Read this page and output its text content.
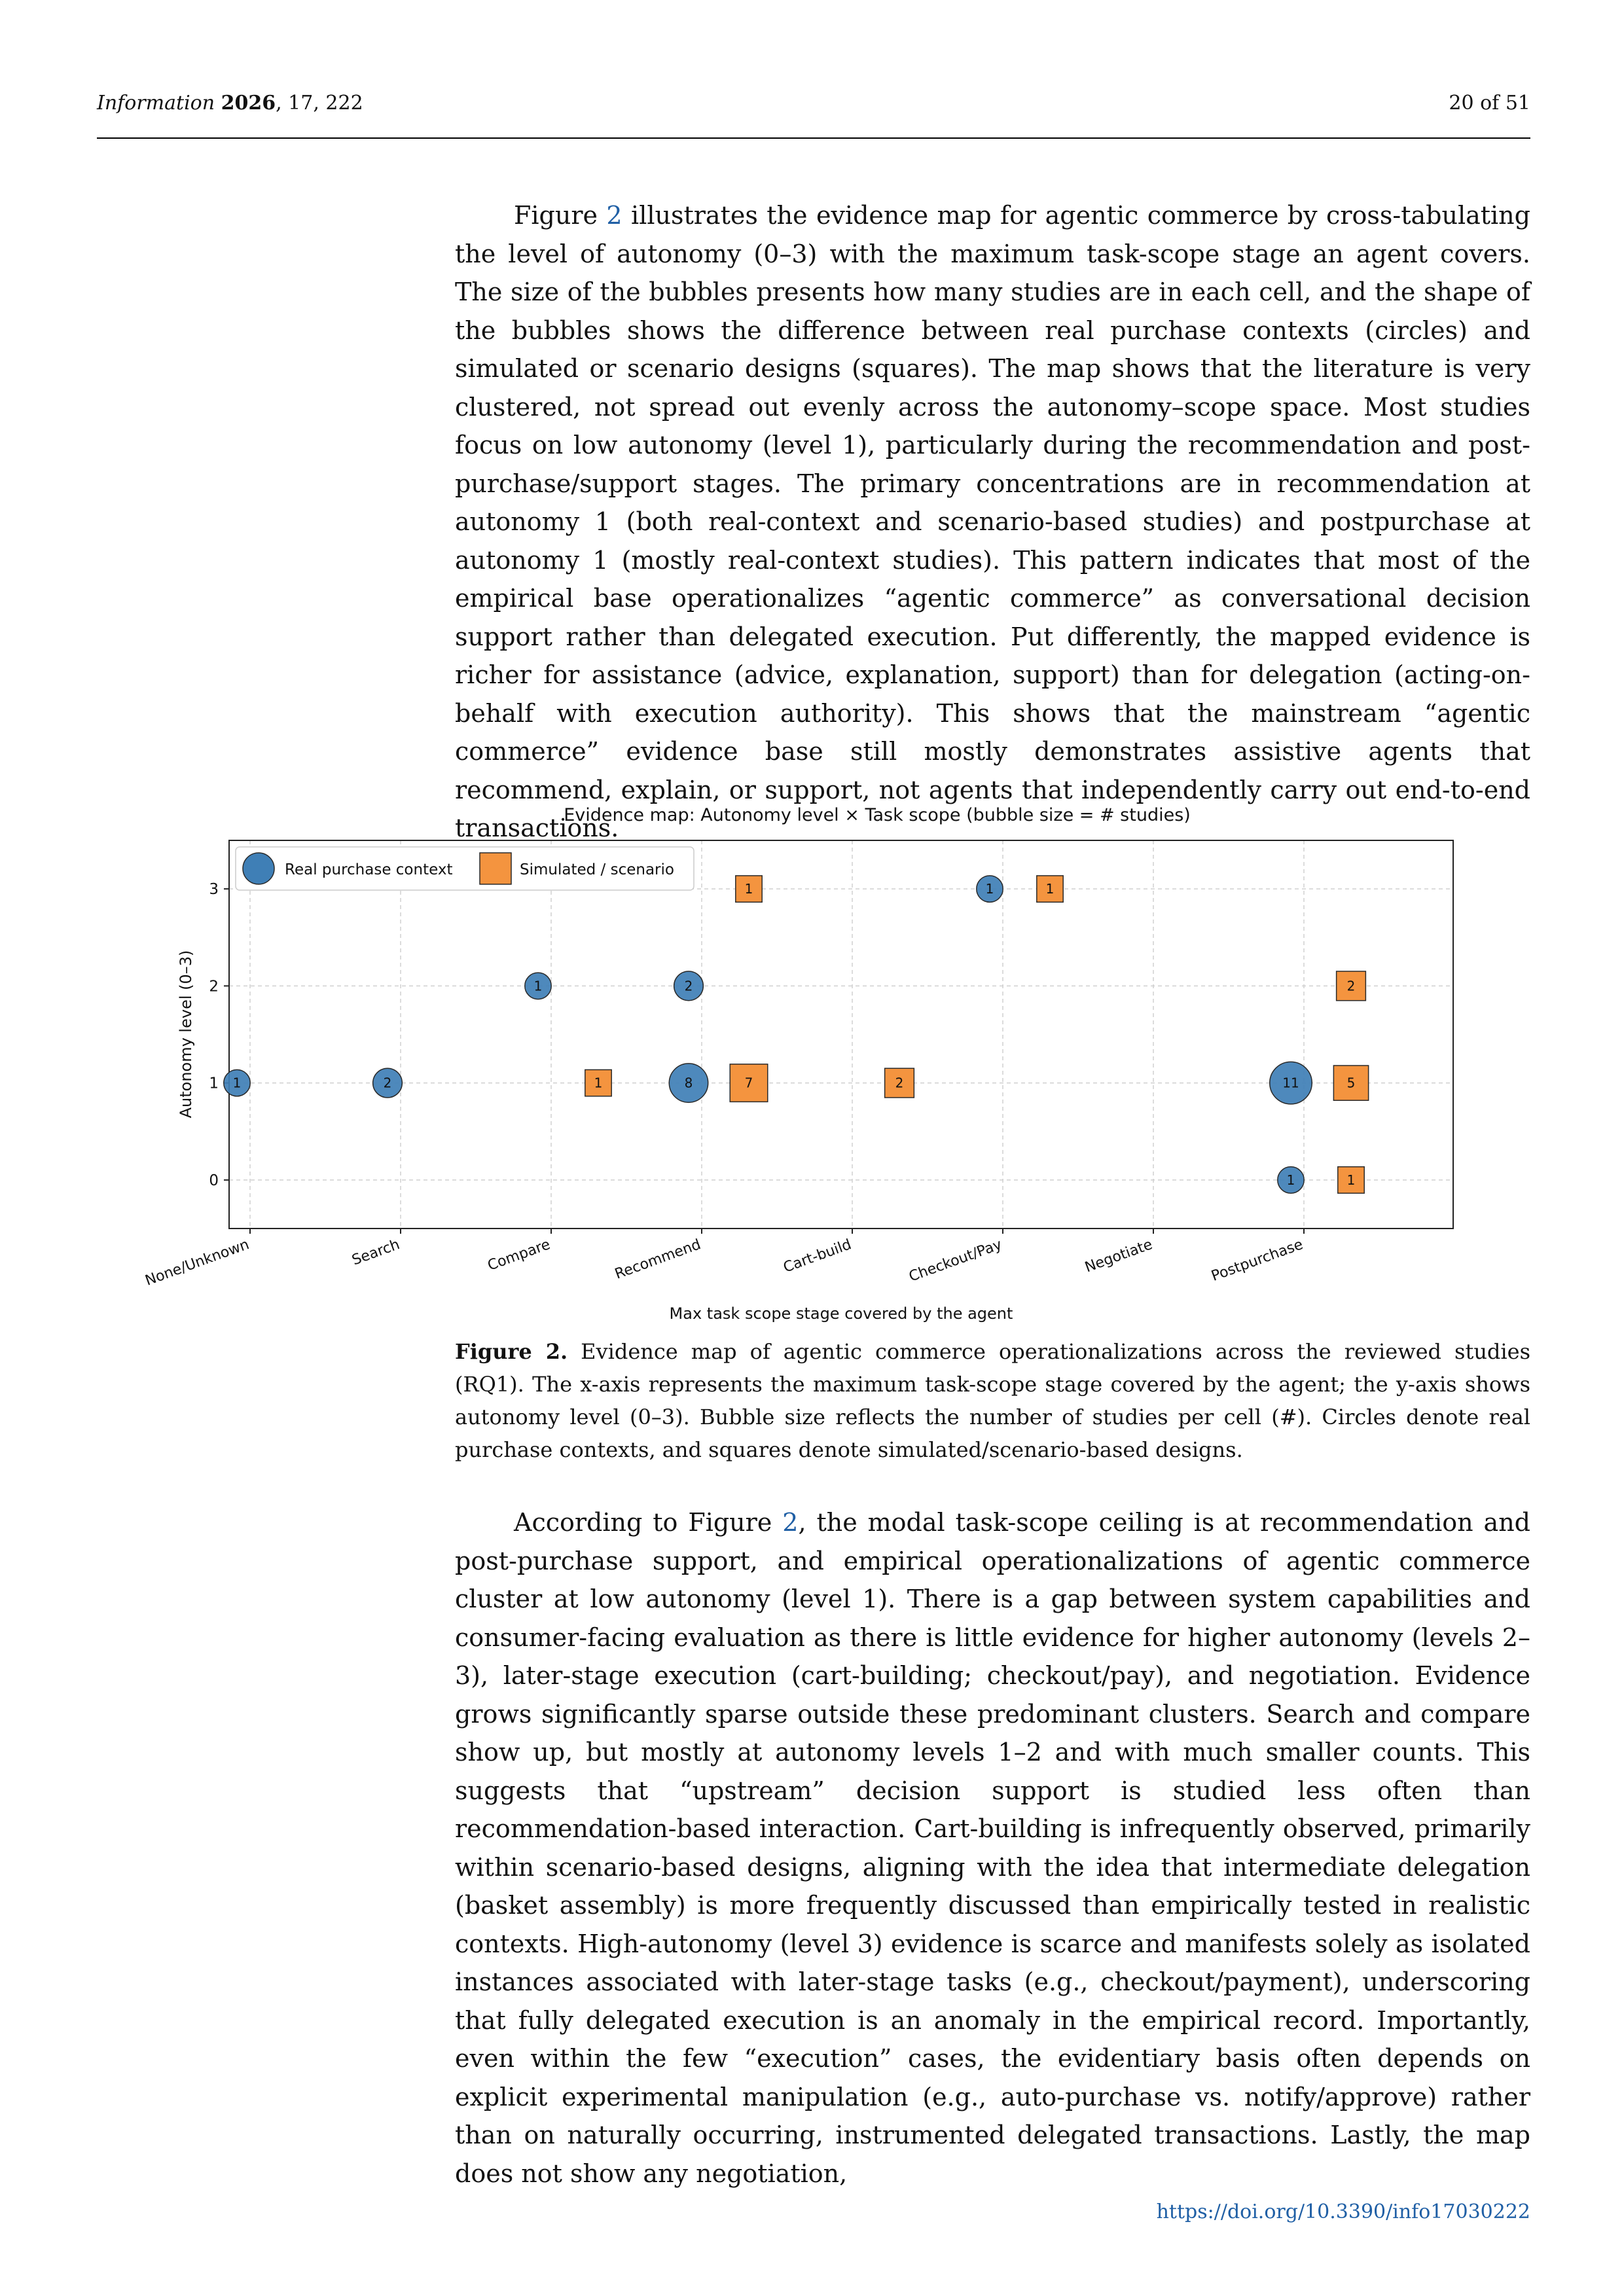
Information 2026, 17, 222	20 of 51

Figure 2 illustrates the evidence map for agentic commerce by cross-tabulating the level of autonomy (0–3) with the maximum task-scope stage an agent covers. The size of the bubbles presents how many studies are in each cell, and the shape of the bubbles shows the difference between real purchase contexts (circles) and simulated or scenario designs (squares). The map shows that the literature is very clustered, not spread out evenly across the autonomy–scope space. Most studies focus on low autonomy (level 1), particularly during the recommendation and post-purchase/support stages. The primary concentrations are in recommendation at autonomy 1 (both real-context and scenario-based studies) and postpurchase at autonomy 1 (mostly real-context studies). This pattern indicates that most of the empirical base operationalizes “agentic commerce” as conversational decision support rather than delegated execution. Put differently, the mapped evidence is richer for assistance (advice, explanation, support) than for delegation (acting-on-behalf with execution authority). This shows that the mainstream “agentic commerce” evidence base still mostly demonstrates assistive agents that recommend, explain, or support, not agents that independently carry out end-to-end transactions.

Evidence map: Autonomy level × Task scope (bubble size = # studies)
0
1
2
3
None/Unknown	Search	Compare	Recommend	Cart-build	Checkout/Pay	Negotiate	Postpurchase
1	2
1	2
8
1
11
1
1
1
7	2
1
2
5
1
Real purchase context	Simulated / scenario
Autonomy level (0–3)
Max task scope stage covered by the agent
Figure 2. Evidence map of agentic commerce operationalizations across the reviewed studies (RQ1). The x-axis represents the maximum task-scope stage covered by the agent; the y-axis shows autonomy level (0–3). Bubble size reflects the number of studies per cell (#). Circles denote real purchase contexts, and squares denote simulated/scenario-based designs.

According to Figure 2, the modal task-scope ceiling is at recommendation and post-purchase support, and empirical operationalizations of agentic commerce cluster at low autonomy (level 1). There is a gap between system capabilities and consumer-facing evaluation as there is little evidence for higher autonomy (levels 2–3), later-stage execution (cart-building; checkout/pay), and negotiation. Evidence grows significantly sparse outside these predominant clusters. Search and compare show up, but mostly at autonomy levels 1–2 and with much smaller counts. This suggests that “upstream” decision support is studied less often than recommendation-based interaction. Cart-building is infrequently observed, primarily within scenario-based designs, aligning with the idea that intermediate delegation (basket assembly) is more frequently discussed than empirically tested in realistic contexts. High-autonomy (level 3) evidence is scarce and manifests solely as isolated instances associated with later-stage tasks (e.g., checkout/payment), underscoring that fully delegated execution is an anomaly in the empirical record. Importantly, even within the few “execution” cases, the evidentiary basis often depends on explicit experimental manipulation (e.g., auto-purchase vs. notify/approve) rather than on naturally occurring, instrumented delegated transactions. Lastly, the map does not show any negotiation,

https://doi.org/10.3390/info17030222
